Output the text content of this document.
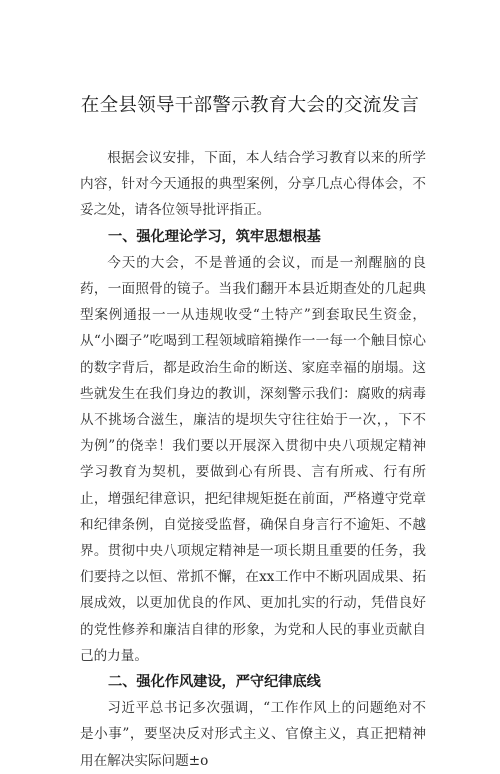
在全县领导干部警示教育大会的交流发言

根据会议安排，下面，本人结合学习教育以来的所学内容，针对今天通报的典型案例，分享几点心得体会，不妥之处，请各位领导批评指正。

一、强化理论学习，筑牢思想根基

今天的大会，不是普通的会议，而是一剂醒脑的良药，一面照骨的镜子。当我们翻开本县近期查处的几起典型案例通报一一从违规收受“土特产”到套取民生资金，从“小圈子”吃喝到工程领域暗箱操作一一每一个触目惊心的数字背后，都是政治生命的断送、家庭幸福的崩塌。这些就发生在我们身边的教训，深刻警示我们：腐败的病毒从不挑场合滋生，廉洁的堤坝失守往往始于一次，，下不为例”的侥幸！我们要以开展深入贯彻中央八项规定精神学习教育为契机，要做到心有所畏、言有所戒、行有所止，增强纪律意识，把纪律规矩挺在前面，严格遵守党章和纪律条例，自觉接受监督，确保自身言行不逾矩、不越界。贯彻中央八项规定精神是一项长期且重要的任务，我们要持之以恒、常抓不懈，在xx工作中不断巩固成果、拓展成效，以更加优良的作风、更加扎实的行动，凭借良好的党性修养和廉洁自律的形象，为党和人民的事业贡献自己的力量。

二、强化作风建设，严守纪律底线

习近平总书记多次强调，“工作作风上的问题绝对不是小事”，要坚决反对形式主义、官僚主义，真正把精神用在解决实际问题±o
